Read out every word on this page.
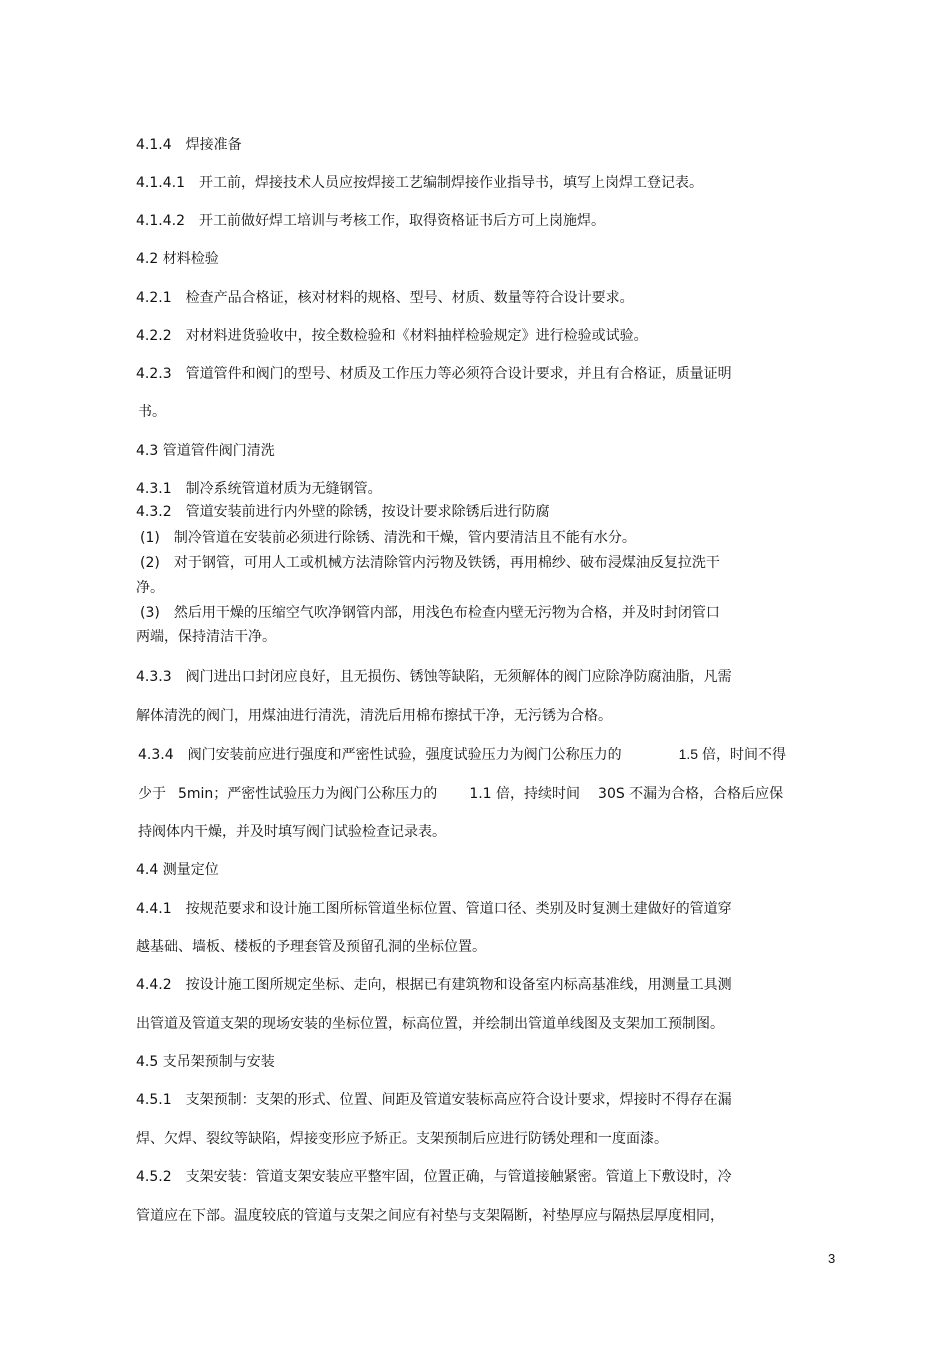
4.1.4　焊接准备
4.1.4.1　开工前，焊接技术人员应按焊接工艺编制焊接作业指导书，填写上岗焊工登记表。
4.1.4.2　开工前做好焊工培训与考核工作，取得资格证书后方可上岗施焊。
4.2 材料检验
4.2.1　检查产品合格证，核对材料的规格、型号、材质、数量等符合设计要求。
4.2.2　对材料进货验收中，按全数检验和《材料抽样检验规定》进行检验或试验。
4.2.3　管道管件和阀门的型号、材质及工作压力等必须符合设计要求，并且有合格证，质量证明
书。
4.3 管道管件阀门清洗
4.3.1　制冷系统管道材质为无缝钢管。
4.3.2　管道安装前进行内外壁的除锈，按设计要求除锈后进行防腐
(1)　制冷管道在安装前必须进行除锈、清洗和干燥，管内要清洁且不能有水分。
(2)　对于钢管，可用人工或机械方法清除管内污物及铁锈，再用棉纱、破布浸煤油反复拉洗干
净。
(3)　然后用干燥的压缩空气吹净钢管内部，用浅色布检查内壁无污物为合格，并及时封闭管口
两端，保持清洁干净。
4.3.3　阀门进出口封闭应良好，且无损伤、锈蚀等缺陷，无须解体的阀门应除净防腐油脂，凡需
解体清洗的阀门，用煤油进行清洗，清洗后用棉布擦拭干净，无污锈为合格。
4.3.4　阀门安装前应进行强度和严密性试验，强度试验压力为阀门公称压力的	1.5 倍，时间不得
少于 5min；严密性试验压力为阀门公称压力的 1.1 倍，持续时间 30S 不漏为合格，合格后应保
持阀体内干燥，并及时填写阀门试验检查记录表。
4.4 测量定位
4.4.1　按规范要求和设计施工图所标管道坐标位置、管道口径、类别及时复测土建做好的管道穿
越基础、墙板、楼板的予理套管及预留孔洞的坐标位置。
4.4.2　按设计施工图所规定坐标、走向，根据已有建筑物和设备室内标高基准线，用测量工具测
出管道及管道支架的现场安装的坐标位置，标高位置，并绘制出管道单线图及支架加工预制图。
4.5 支吊架预制与安装
4.5.1　支架预制：支架的形式、位置、间距及管道安装标高应符合设计要求，焊接时不得存在漏
焊、欠焊、裂纹等缺陷，焊接变形应予矫正。支架预制后应进行防锈处理和一度面漆。
4.5.2　支架安装：管道支架安装应平整牢固，位置正确，与管道接触紧密。管道上下敷设时，冷
管道应在下部。温度较底的管道与支架之间应有衬垫与支架隔断，衬垫厚应与隔热层厚度相同，
3
